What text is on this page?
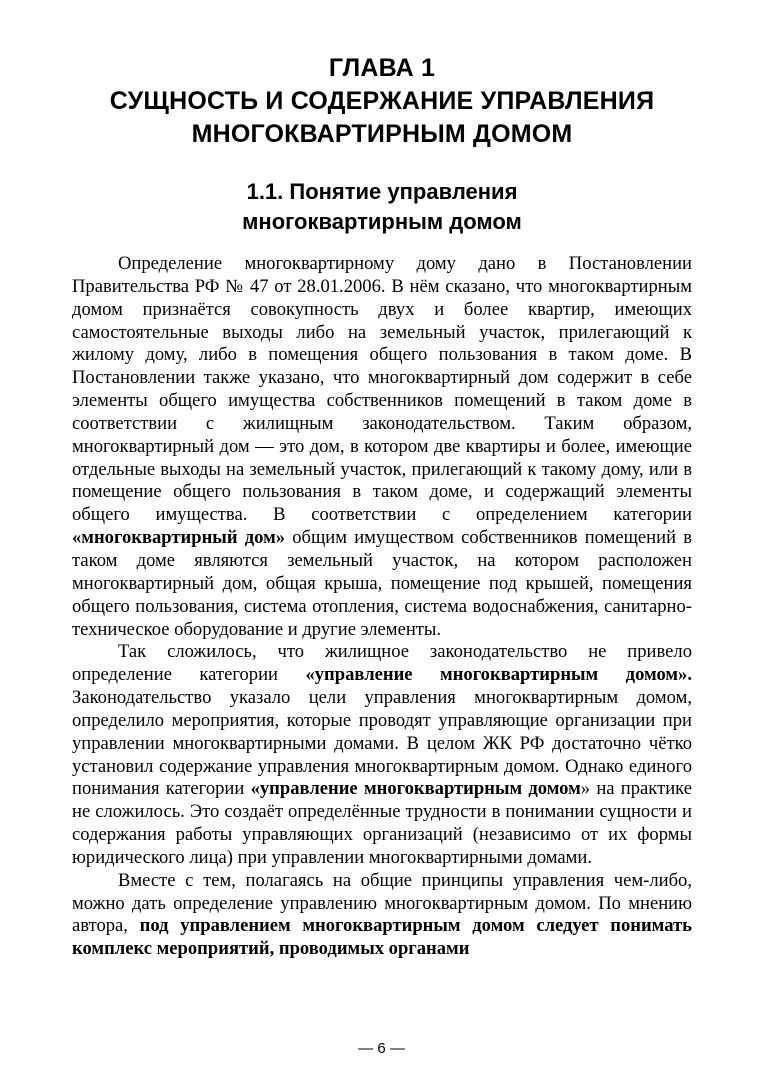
ГЛАВА 1
СУЩНОСТЬ И СОДЕРЖАНИЕ УПРАВЛЕНИЯ
МНОГОКВАРТИРНЫМ ДОМОМ
1.1. Понятие управления
многоквартирным домом

Определение многоквартирному дому дано в Постановлении Правительства РФ № 47 от 28.01.2006. В нём сказано, что многоквартирным домом признаётся совокупность двух и более квартир, имеющих самостоятельные выходы либо на земельный участок, прилегающий к жилому дому, либо в помещения общего пользования в таком доме. В Постановлении также указано, что многоквартирный дом содержит в себе элементы общего имущества собственников помещений в таком доме в соответствии с жилищным законодательством. Таким образом, многоквартирный дом — это дом, в котором две квартиры и более, имеющие отдельные выходы на земельный участок, прилегающий к такому дому, или в помещение общего пользования в таком доме, и содержащий элементы общего имущества. В соответствии с определением категории «многоквартирный дом» общим имуществом собственников помещений в таком доме являются земельный участок, на котором расположен многоквартирный дом, общая крыша, помещение под крышей, помещения общего пользования, система отопления, система водоснабжения, санитарно-техническое оборудование и другие элементы.

Так сложилось, что жилищное законодательство не привело определение категории «управление многоквартирным домом». Законодательство указало цели управления многоквартирным домом, определило мероприятия, которые проводят управляющие организации при управлении многоквартирными домами. В целом ЖК РФ достаточно чётко установил содержание управления многоквартирным домом. Однако единого понимания категории «управление многоквартирным домом» на практике не сложилось. Это создаёт определённые трудности в понимании сущности и содержания работы управляющих организаций (независимо от их формы юридического лица) при управлении многоквартирными домами.

Вместе с тем, полагаясь на общие принципы управления чем-либо, можно дать определение управлению многоквартирным домом. По мнению автора, под управлением многоквартирным домом следует понимать комплекс мероприятий, проводимых органами

— 6 —
